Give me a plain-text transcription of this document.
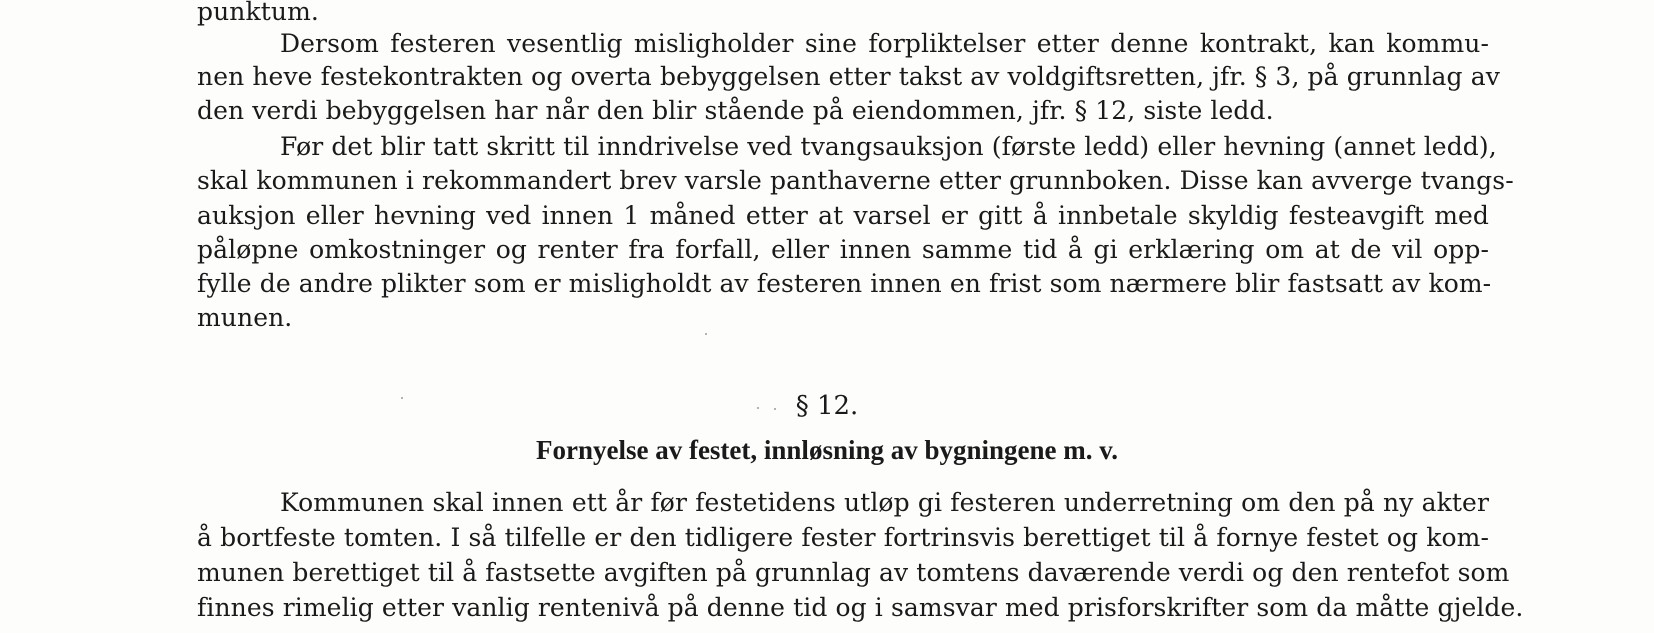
punktum.
Dersom festeren vesentlig misligholder sine forpliktelser etter denne kontrakt, kan kommu-
nen heve festekontrakten og overta bebyggelsen etter takst av voldgiftsretten, jfr. § 3, på grunnlag av
den verdi bebyggelsen har når den blir stående på eiendommen, jfr. § 12, siste ledd.
Før det blir tatt skritt til inndrivelse ved tvangsauksjon (første ledd) eller hevning (annet ledd),
skal kommunen i rekommandert brev varsle panthaverne etter grunnboken. Disse kan avverge tvangs-
auksjon eller hevning ved innen 1 måned etter at varsel er gitt å innbetale skyldig festeavgift med
påløpne omkostninger og renter fra forfall, eller innen samme tid å gi erklæring om at de vil opp-
fylle de andre plikter som er misligholdt av festeren innen en frist som nærmere blir fastsatt av kom-
munen.
§ 12.
Fornyelse av festet, innløsning av bygningene m. v.
Kommunen skal innen ett år før festetidens utløp gi festeren underretning om den på ny akter
å bortfeste tomten. I så tilfelle er den tidligere fester fortrinsvis berettiget til å fornye festet og kom-
munen berettiget til å fastsette avgiften på grunnlag av tomtens daværende verdi og den rentefot som
finnes rimelig etter vanlig rentenivå på denne tid og i samsvar med prisforskrifter som da måtte gjelde.
